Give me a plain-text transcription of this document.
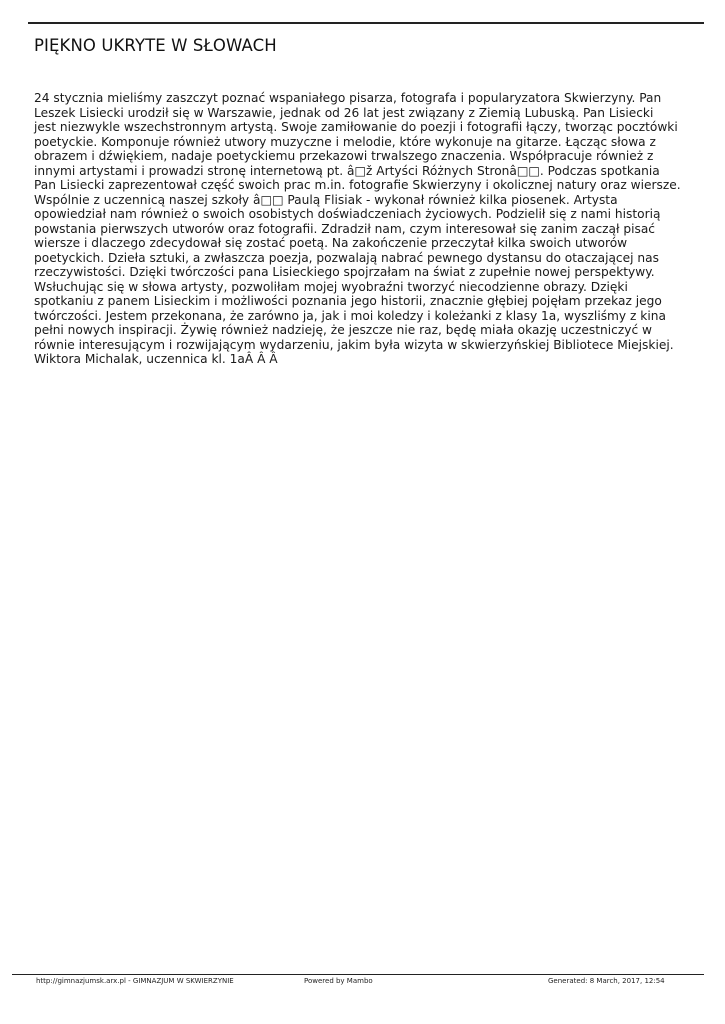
PIĘKNO UKRYTE W SŁOWACH
24 stycznia mieliśmy zaszczyt poznać wspaniałego pisarza, fotografa i popularyzatora Skwierzyny. Pan
Leszek Lisiecki urodził się w Warszawie, jednak od 26 lat jest związany z Ziemią Lubuską. Pan Lisiecki
jest niezwykle wszechstronnym artystą. Swoje zamiłowanie do poezji i fotografii łączy, tworząc pocztówki
poetyckie. Komponuje również utwory muzyczne i melodie, które wykonuje na gitarze. Łącząc słowa z
obrazem i dźwiękiem, nadaje poetyckiemu przekazowi trwalszego znaczenia. Współpracuje również z
innymi artystami i prowadzi stronę internetową pt. â□ž Artyści Różnych Stronâ□□. Podczas spotkania
Pan Lisiecki zaprezentował część swoich prac m.in. fotografie Skwierzyny i okolicznej natury oraz wiersze.
Wspólnie z uczennicą naszej szkoły â□□ Paulą Flisiak - wykonał również kilka piosenek. Artysta
opowiedział nam również o swoich osobistych doświadczeniach życiowych. Podzielił się z nami historią
powstania pierwszych utworów oraz fotografii. Zdradził nam, czym interesował się zanim zaczął pisać
wiersze i dlaczego zdecydował się zostać poetą. Na zakończenie przeczytał kilka swoich utworów
poetyckich. Dzieła sztuki, a zwłaszcza poezja, pozwalają nabrać pewnego dystansu do otaczającej nas
rzeczywistości. Dzięki twórczości pana Lisieckiego spojrzałam na świat z zupełnie nowej perspektywy.
Wsłuchując się w słowa artysty, pozwoliłam mojej wyobraźni tworzyć niecodzienne obrazy. Dzięki
spotkaniu z panem Lisieckim i możliwości poznania jego historii, znacznie głębiej pojęłam przekaz jego
twórczości. Jestem przekonana, że zarówno ja, jak i moi koledzy i koleżanki z klasy 1a, wyszliśmy z kina
pełni nowych inspiracji. Żywię również nadzieję, że jeszcze nie raz, będę miała okazję uczestniczyć w
równie interesującym i rozwijającym wydarzeniu, jakim była wizyta w skwierzyńskiej Bibliotece Miejskiej.
Wiktora Michalak, uczennica kl. 1aÂ Â Â
http://gimnazjumsk.arx.pl - GIMNAZJUM W SKWIERZYNIE	Powered by Mambo	Generated: 8 March, 2017, 12:54
